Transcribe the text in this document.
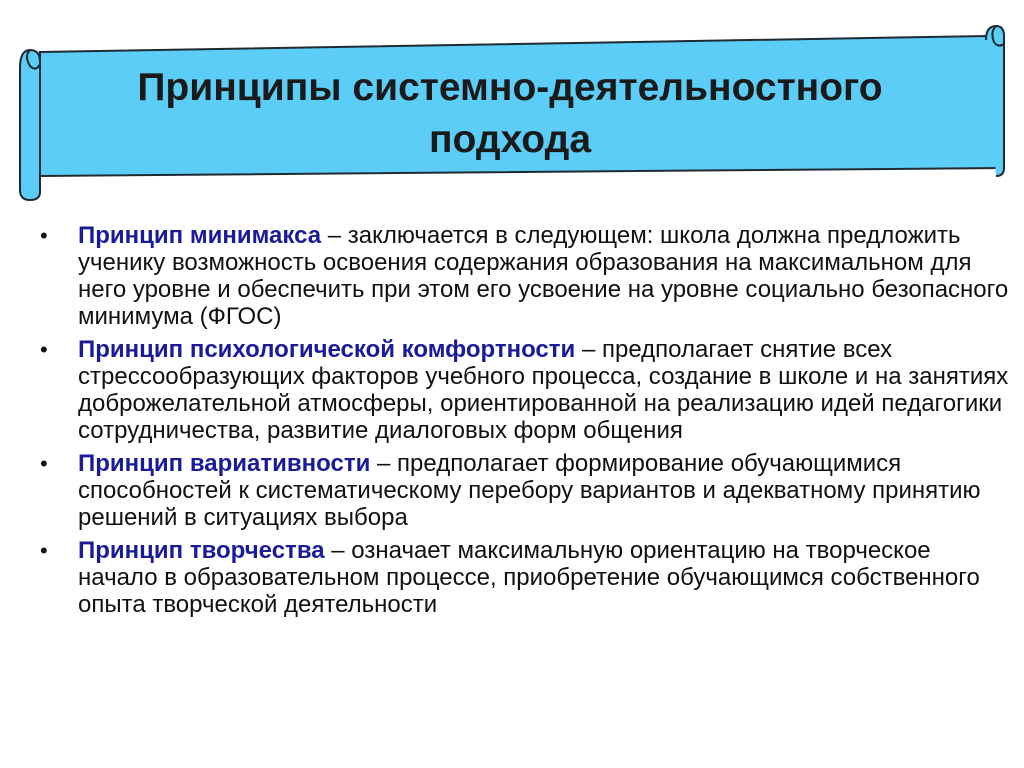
Принципы системно-деятельностного подхода
•	Принцип минимакса – заключается в следующем: школа должна предложить ученику возможность освоения содержания образования на максимальном для него уровне и обеспечить при этом его усвоение на уровне социально безопасного минимума (ФГОС)
•	Принцип психологической комфортности – предполагает снятие всех стрессообразующих факторов учебного процесса, создание в школе и на занятиях доброжелательной атмосферы, ориентированной на реализацию идей педагогики сотрудничества, развитие диалоговых форм общения
•	Принцип вариативности – предполагает формирование обучающимися способностей к систематическому перебору вариантов и адекватному принятию решений в ситуациях выбора
•	Принцип творчества – означает максимальную ориентацию на творческое начало в образовательном процессе, приобретение обучающимся собственного опыта творческой деятельности
